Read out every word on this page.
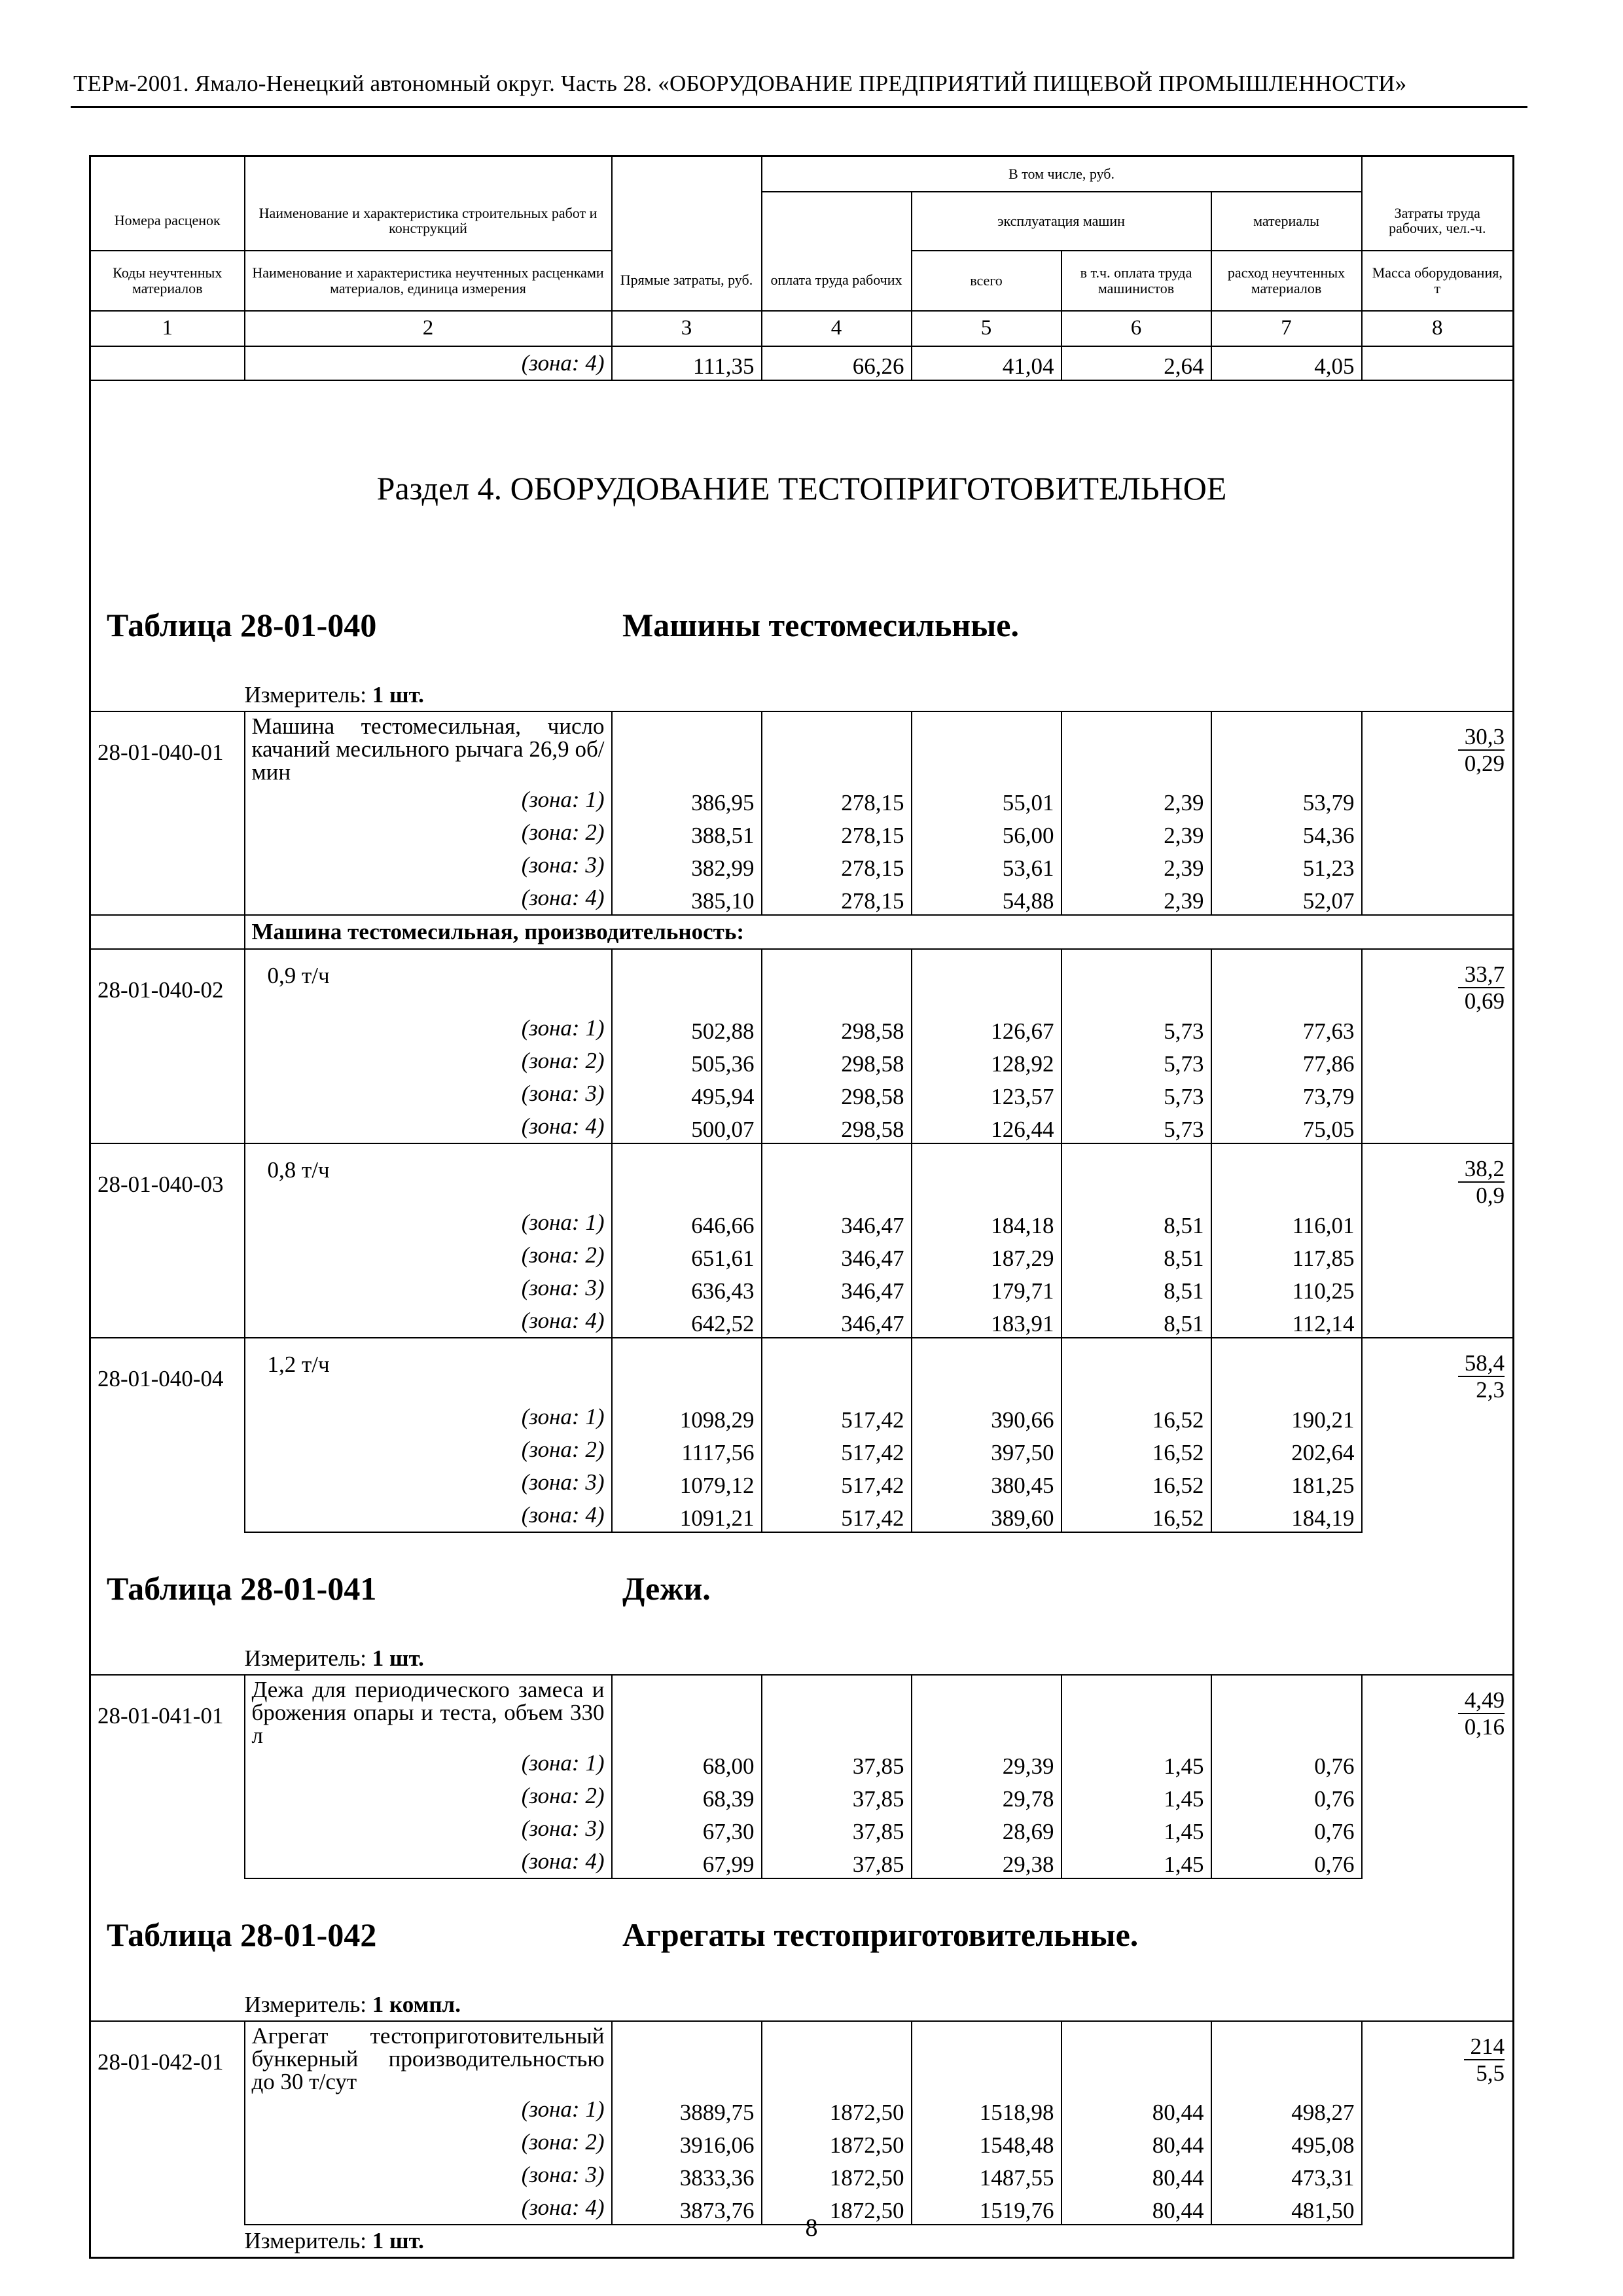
ТЕРм-2001. Ямало-Ненецкий автономный округ. Часть 28. «ОБОРУДОВАНИЕ ПРЕДПРИЯТИЙ ПИЩЕВОЙ ПРОМЫШЛЕННОСТИ»
			В том числе, руб.				
Номера расценок	Наименование и характеристика строительных работ и конструкций			эксплуатация машин		материалы	Затраты труда рабочих, чел.-ч.
Коды неучтенных материалов	Наименование и характеристика неучтенных расценками материалов, единица измерения	Прямые затраты, руб.	оплата труда рабочих	всего	в т.ч. оплата труда машинистов	расход неучтенных материалов	Масса оборудования, т
1	2	3	4	5	6	7	8
	(зона: 4)	111,35	66,26	41,04	2,64	4,05	
Раздел 4. ОБОРУДОВАНИЕ ТЕСТОПРИГОТОВИТЕЛЬНОЕ							

Таблица 28-01-040 Машины тестомесильные.							

	Измеритель: 1 шт.						
28-01-040-01	Машина тестомесильная, число качаний месильного рычага 26,9 об/мин						$\frac{30,3}{0,29}$

	(зона: 1)	386,95	278,15	55,01	2,39	53,79	
	(зона: 2)	388,51	278,15	56,00	2,39	54,36	
	(зона: 3)	382,99	278,15	53,61	2,39	51,23	
	(зона: 4)	385,10	278,15	54,88	2,39	52,07	
	Машина тестомесильная, производительность:						
28-01-040-02	0,9 т/ч						$\frac{33,7}{0,69}$

	(зона: 1)	502,88	298,58	126,67	5,73	77,63	
	(зона: 2)	505,36	298,58	128,92	5,73	77,86	
	(зона: 3)	495,94	298,58	123,57	5,73	73,79	
	(зона: 4)	500,07	298,58	126,44	5,73	75,05	
28-01-040-03	0,8 т/ч						$\frac{38,2}{0,9}$

	(зона: 1)	646,66	346,47	184,18	8,51	116,01	
	(зона: 2)	651,61	346,47	187,29	8,51	117,85	
	(зона: 3)	636,43	346,47	179,71	8,51	110,25	
	(зона: 4)	642,52	346,47	183,91	8,51	112,14	
28-01-040-04	1,2 т/ч						$\frac{58,4}{2,3}$

	(зона: 1)	1098,29	517,42	390,66	16,52	190,21	
	(зона: 2)	1117,56	517,42	397,50	16,52	202,64	
	(зона: 3)	1079,12	517,42	380,45	16,52	181,25	
	(зона: 4)	1091,21	517,42	389,60	16,52	184,19	

Таблица 28-01-041 Дежи.							

	Измеритель: 1 шт.						
28-01-041-01	Дежа для периодического замеса и брожения опары и теста, объем 330 л						$\frac{4,49}{0,16}$

	(зона: 1)	68,00	37,85	29,39	1,45	0,76	
	(зона: 2)	68,39	37,85	29,78	1,45	0,76	
	(зона: 3)	67,30	37,85	28,69	1,45	0,76	
	(зона: 4)	67,99	37,85	29,38	1,45	0,76	

Таблица 28-01-042 Агрегаты тестоприготовительные.							

	Измеритель: 1 компл.						
28-01-042-01	Агрегат тестоприготовительный бункерный производительностью до 30 т/сут						$\frac{214}{5,5}$

	(зона: 1)	3889,75	1872,50	1518,98	80,44	498,27	
	(зона: 2)	3916,06	1872,50	1548,48	80,44	495,08	
	(зона: 3)	3833,36	1872,50	1487,55	80,44	473,31	
	(зона: 4)	3873,76	1872,50	1519,76	80,44	481,50	
	Измеритель: 1 шт.							8
